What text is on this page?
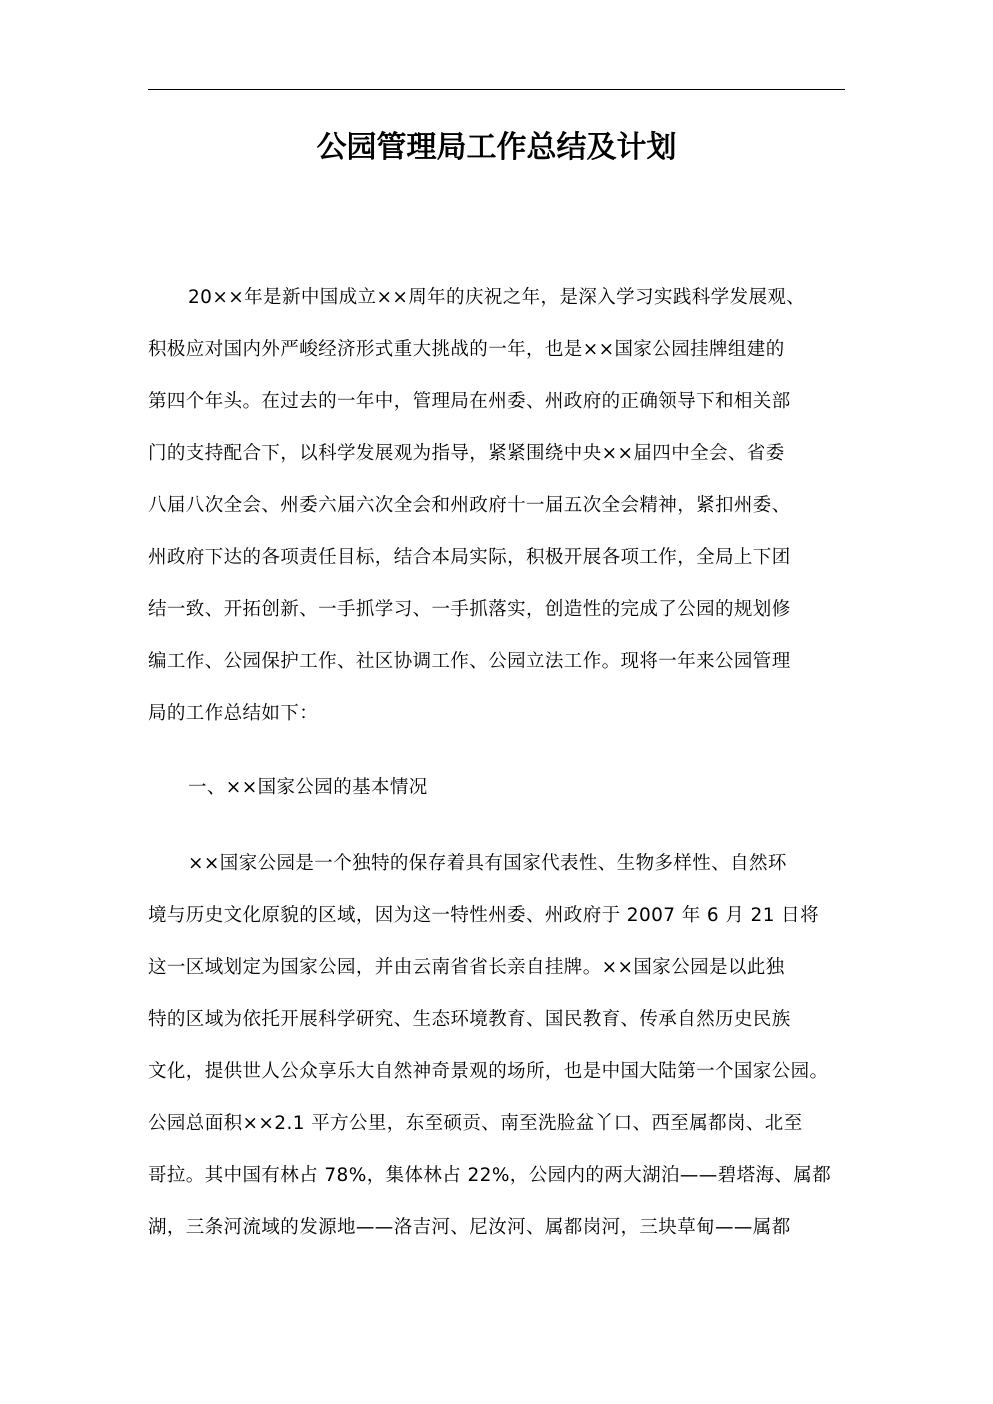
公园管理局工作总结及计划
20××年是新中国成立××周年的庆祝之年，是深入学习实践科学发展观、
积极应对国内外严峻经济形式重大挑战的一年，也是××国家公园挂牌组建的
第四个年头。在过去的一年中，管理局在州委、州政府的正确领导下和相关部
门的支持配合下，以科学发展观为指导，紧紧围绕中央××届四中全会、省委
八届八次全会、州委六届六次全会和州政府十一届五次全会精神，紧扣州委、
州政府下达的各项责任目标，结合本局实际，积极开展各项工作，全局上下团
结一致、开拓创新、一手抓学习、一手抓落实，创造性的完成了公园的规划修
编工作、公园保护工作、社区协调工作、公园立法工作。现将一年来公园管理
局的工作总结如下：
一、××国家公园的基本情况
××国家公园是一个独特的保存着具有国家代表性、生物多样性、自然环
境与历史文化原貌的区域，因为这一特性州委、州政府于 2007 年 6 月 21 日将
这一区域划定为国家公园，并由云南省省长亲自挂牌。××国家公园是以此独
特的区域为依托开展科学研究、生态环境教育、国民教育、传承自然历史民族
文化，提供世人公众享乐大自然神奇景观的场所，也是中国大陆第一个国家公园。
公园总面积××2.1 平方公里，东至硕贡、南至洗脸盆丫口、西至属都岗、北至
哥拉。其中国有林占 78%，集体林占 22%，公园内的两大湖泊——碧塔海、属都
湖，三条河流域的发源地——洛吉河、尼汝河、属都岗河，三块草甸——属都
